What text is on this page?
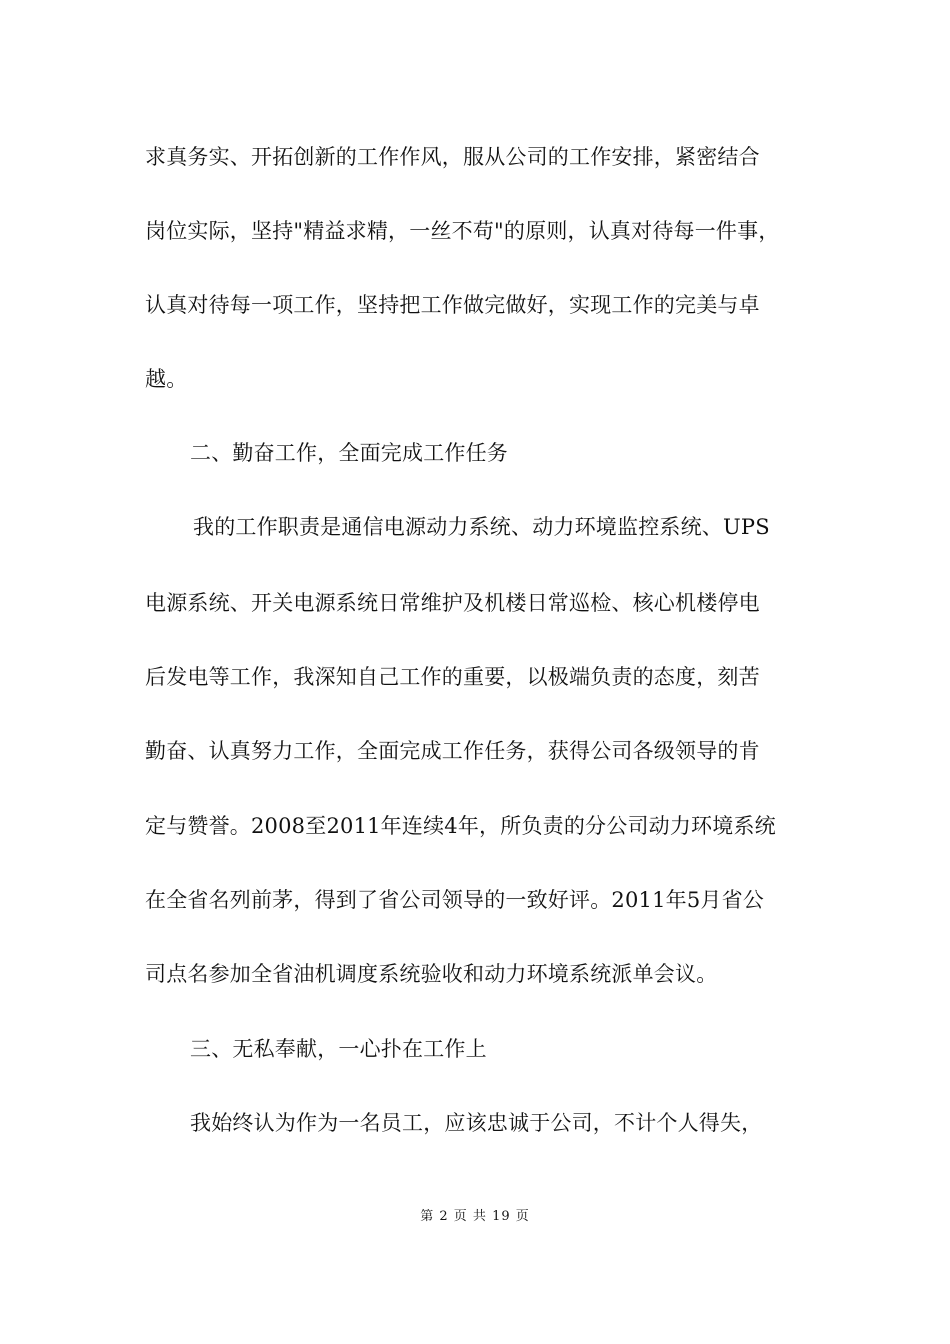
求真务实、开拓创新的工作作风，服从公司的工作安排，紧密结合
岗位实际，坚持"精益求精，一丝不苟"的原则，认真对待每一件事，
认真对待每一项工作，坚持把工作做完做好，实现工作的完美与卓
越。
二、勤奋工作，全面完成工作任务
我的工作职责是通信电源动力系统、动力环境监控系统、UPS
电源系统、开关电源系统日常维护及机楼日常巡检、核心机楼停电
后发电等工作，我深知自己工作的重要，以极端负责的态度，刻苦
勤奋、认真努力工作，全面完成工作任务，获得公司各级领导的肯
定与赞誉。2008至2011年连续4年，所负责的分公司动力环境系统
在全省名列前茅，得到了省公司领导的一致好评。2011年5月省公
司点名参加全省油机调度系统验收和动力环境系统派单会议。
三、无私奉献，一心扑在工作上
我始终认为作为一名员工，应该忠诚于公司，不计个人得失，
第 2 页 共 19 页
